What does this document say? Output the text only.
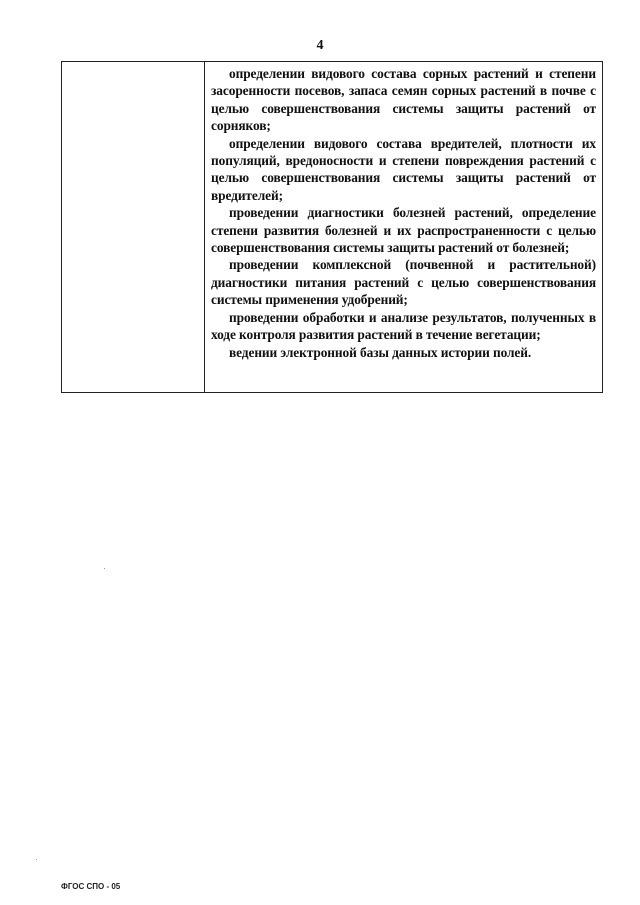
4

определении видового состава сорных растений и степени засоренности посевов, запаса семян сорных растений в почве с целью совершенствования системы защиты растений от сорняков;

определении видового состава вредителей, плотности их популяций, вредоносности и степени повреждения растений с целью совершенствования системы защиты растений от вредителей;

проведении диагностики болезней растений, определение степени развития болезней и их распространенности с целью совершенствования системы защиты растений от болезней;

проведении комплексной (почвенной и растительной) диагностики питания растений с целью совершенствования системы применения удобрений;

проведении обработки и анализе результатов, полученных в ходе контроля развития растений в течение вегетации;

ведении электронной базы данных истории полей.

ФГОС СПО - 05
